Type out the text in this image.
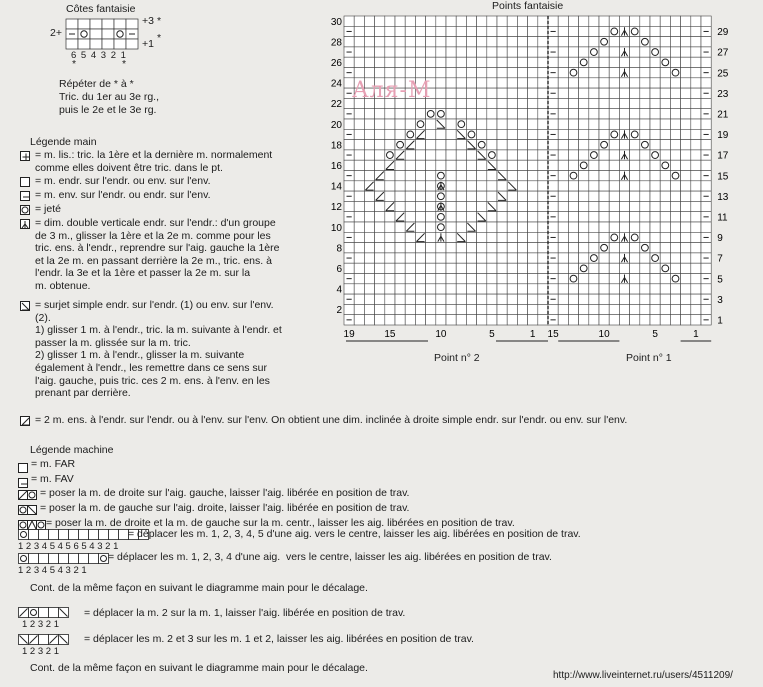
Côtes fantaisie
2+
+3
+1
*
*
6 5 4 3 2 1
*	*
Répéter de * à *
Tric. du 1er au 3e rg.,
puis le 2e et le 3e rg.
Légende main
= m. lis.: tric. la 1ère et la dernière m. normalement
comme elles doivent être tric. dans le pt.
= m. endr. sur l'endr. ou env. sur l'env.
= m. env. sur l'endr. ou endr. sur l'env.
= jeté
= dim. double verticale endr. sur l'endr.: d'un groupe
de 3 m., glisser la 1ère et la 2e m. comme pour les
tric. ens. à l'endr., reprendre sur l'aig. gauche la 1ère
et la 2e m. en passant derrière la 2e m., tric. ens. à
l'endr. la 3e et la 1ère et passer la 2e m. sur la
m. obtenue.
= surjet simple endr. sur l'endr. (1) ou env. sur l'env.
(2).
1) glisser 1 m. à l'endr., tric. la m. suivante à l'endr. et
passer la m. glissée sur la m. tric.
2) glisser 1 m. à l'endr., glisser la m. suivante
également à l'endr., les remettre dans ce sens sur
l'aig. gauche, puis tric. ces 2 m. ens. à l'env. en les
prenant par derrière.
= 2 m. ens. à l'endr. sur l'endr. ou à l'env. sur l'env. On obtient une dim. inclinée à droite simple endr. sur l'endr. ou env. sur l'env.
Légende machine
= m. FAR
= m. FAV
= poser la m. de droite sur l'aig. gauche, laisser l'aig. libérée en position de trav.
= poser la m. de gauche sur l'aig. droite, laisser l'aig. libérée en position de trav.
= poser la m. de droite et la m. de gauche sur la m. centr., laisser les aig. libérées en position de trav.
= déplacer les m. 1, 2, 3, 4, 5 d'une aig. vers le centre, laisser les aig. libérées en position de trav.
1 2 3 4 5 4 5 6 5 4 3 2 1
= déplacer les m. 1, 2, 3, 4 d'une aig.  vers le centre, laisser les aig. libérées en position de trav.
1 2 3 4 5 4 3 2 1
Cont. de la même façon en suivant le diagramme main pour le décalage.
= déplacer la m. 2 sur la m. 1, laisser l'aig. libérée en position de trav.
1 2 3 2 1
= déplacer les m. 2 et 3 sur les m. 1 et 2, laisser les aig. libérées en position de trav.
1 2 3 2 1
Cont. de la même façon en suivant le diagramme main pour le décalage.
Points fantaisie
30
28
26
24
22
20
18
16
14
12
10
8
6
4
2
29
27
25
23
21
19
17
15
13
11
9
7
5
3
1
19	15	10	5	1 15	10	5	1
Point n° 2	Point n° 1
Аля-М
http://www.liveinternet.ru/users/4511209/
